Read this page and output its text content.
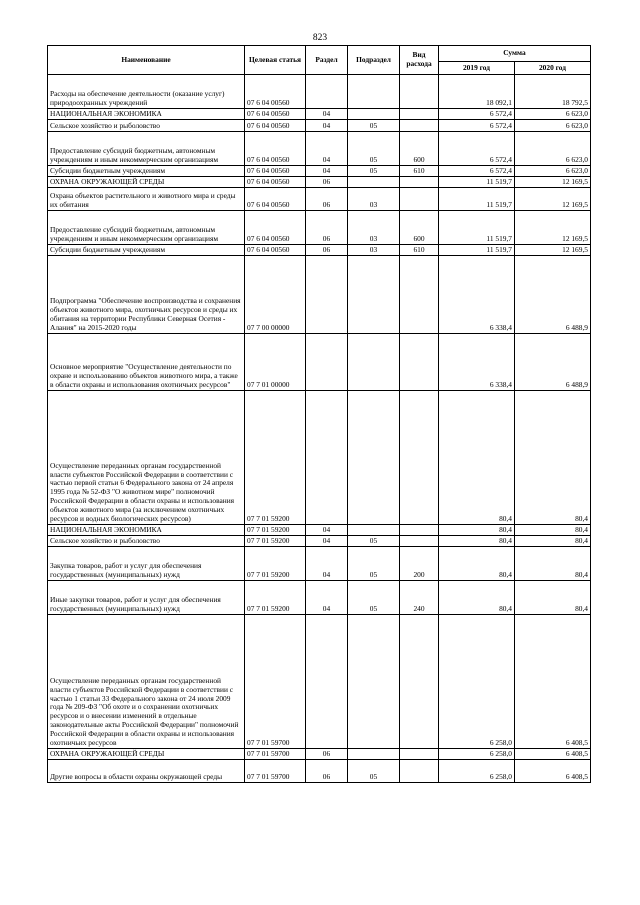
823
Наименование	Целевая статья	Раздел	Подраздел	Вид расхода	Сумма	
					2019 год	2020 год
Расходы на обеспечение деятельности (оказание услуг) природоохранных учреждений	07 6 04 00560				18 092,1	18 792,5
НАЦИОНАЛЬНАЯ ЭКОНОМИКА	07 6 04 00560	04			6 572,4	6 623,0
Сельское хозяйство и рыболовство	07 6 04 00560	04	05		6 572,4	6 623,0
Предоставление субсидий бюджетным, автономным учреждениям и иным некоммерческим организациям	07 6 04 00560	04	05	600	6 572,4	6 623,0
Субсидии бюджетным учреждениям	07 6 04 00560	04	05	610	6 572,4	6 623,0
ОХРАНА ОКРУЖАЮЩЕЙ СРЕДЫ	07 6 04 00560	06			11 519,7	12 169,5
Охрана объектов растительного и животного мира и среды их обитания	07 6 04 00560	06	03		11 519,7	12 169,5
Предоставление субсидий бюджетным, автономным учреждениям и иным некоммерческим организациям	07 6 04 00560	06	03	600	11 519,7	12 169,5
Субсидии бюджетным учреждениям	07 6 04 00560	06	03	610	11 519,7	12 169,5
Подпрограмма "Обеспечение воспроизводства и сохранения объектов животного мира, охотничьих ресурсов и среды их обитания на территории Республики Северная Осетия - Алания" на 2015-2020 годы	07 7 00 00000				6 338,4	6 488,9
Основное мероприятие "Осуществление деятельности по охране и использованию объектов животного мира, а также в области охраны и использования охотничьих ресурсов"	07 7 01 00000				6 338,4	6 488,9
Осуществление переданных органам государственной власти субъектов Российской Федерации в соответствии с частью первой статьи 6 Федерального закона от 24 апреля 1995 года № 52-ФЗ "О животном мире" полномочий Российской Федерации в области охраны и использования объектов животного мира (за исключением охотничьих ресурсов и водных биологических ресурсов)	07 7 01 59200				80,4	80,4
НАЦИОНАЛЬНАЯ ЭКОНОМИКА	07 7 01 59200	04			80,4	80,4
Сельское хозяйство и рыболовство	07 7 01 59200	04	05		80,4	80,4
Закупка товаров, работ и услуг для обеспечения государственных (муниципальных) нужд	07 7 01 59200	04	05	200	80,4	80,4
Иные закупки товаров, работ и услуг для обеспечения государственных (муниципальных) нужд	07 7 01 59200	04	05	240	80,4	80,4
Осуществление переданных органам государственной власти субъектов Российской Федерации в соответствии с частью 1 статьи 33 Федерального закона от 24 июля 2009 года № 209-ФЗ "Об охоте и о сохранении охотничьих ресурсов и о внесении изменений в отдельные законодательные акты Российской Федерации" полномочий Российской Федерации в области охраны и использования охотничьих ресурсов	07 7 01 59700				6 258,0	6 408,5
ОХРАНА ОКРУЖАЮЩЕЙ СРЕДЫ	07 7 01 59700	06			6 258,0	6 408,5
Другие вопросы в области охраны окружающей среды	07 7 01 59700	06	05		6 258,0	6 408,5
